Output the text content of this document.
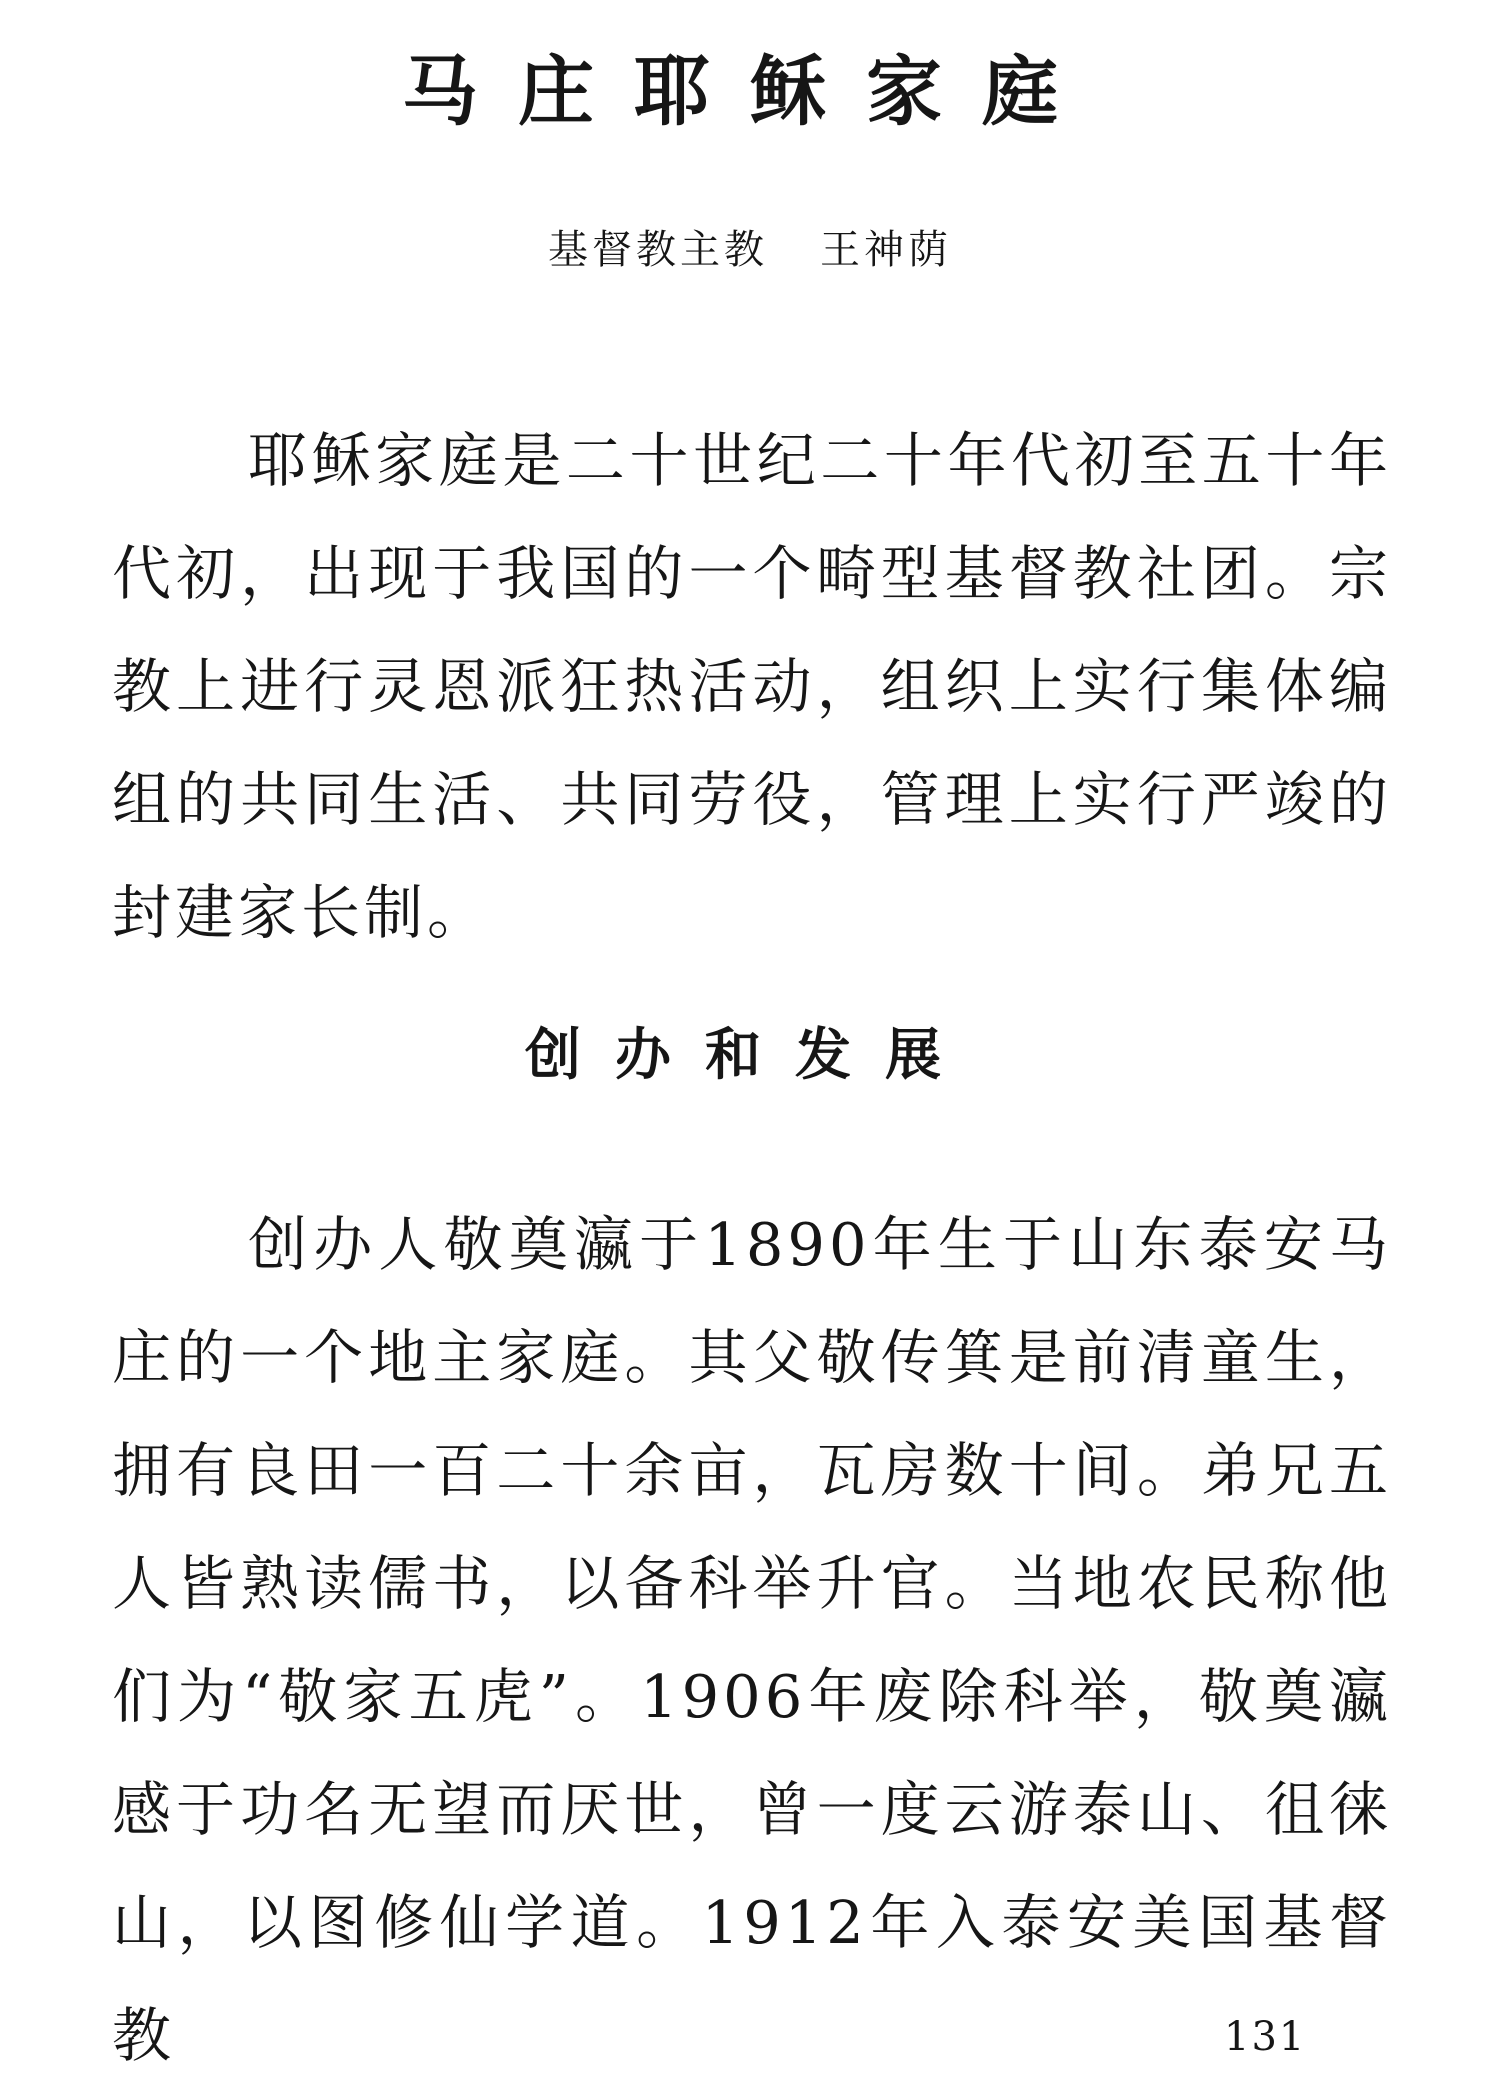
马庄耶稣家庭
基督教主教 王神荫

耶稣家庭是二十世纪二十年代初至五十年代初，出现于我国的一个畸型基督教社团。宗教上进行灵恩派狂热活动，组织上实行集体编组的共同生活、共同劳役，管理上实行严竣的封建家长制。

创办和发展

创办人敬奠瀛于1890年生于山东泰安马庄的一个地主家庭。其父敬传箕是前清童生，拥有良田一百二十余亩，瓦房数十间。弟兄五人皆熟读儒书，以备科举升官。当地农民称他们为“敬家五虎”。1906年废除科举，敬奠瀛感于功名无望而厌世，曾一度云游泰山、徂徕山，以图修仙学道。1912年入泰安美国基督教	131
